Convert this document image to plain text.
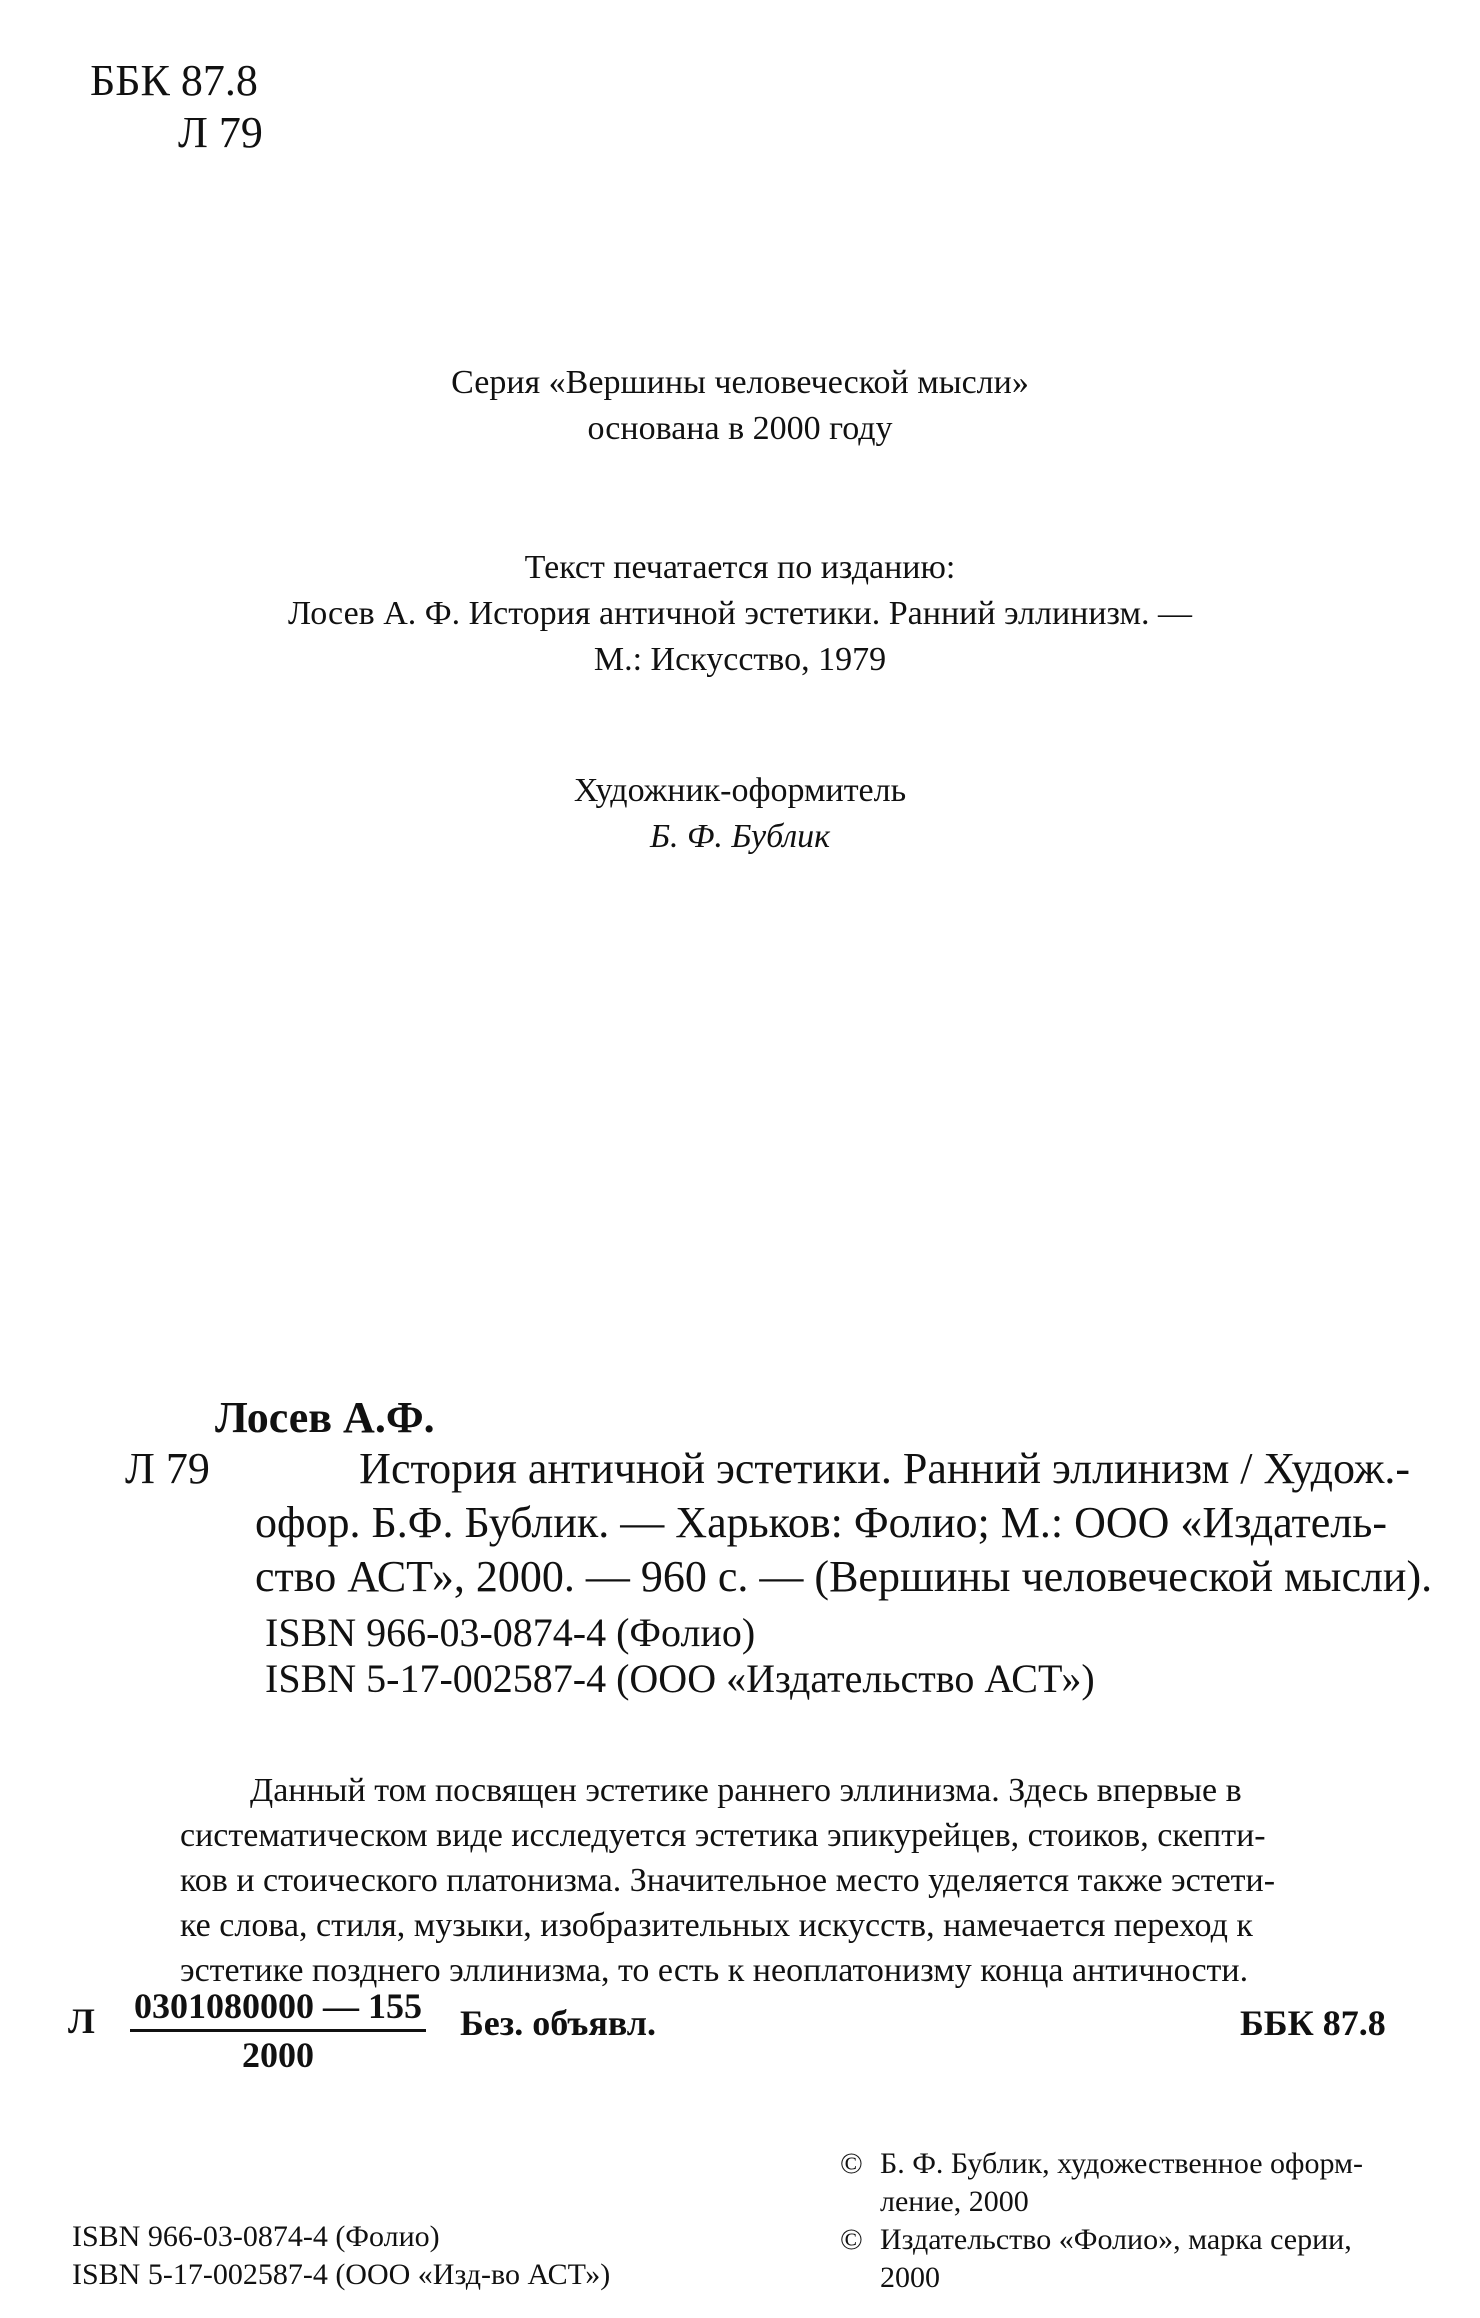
ББК 87.8
Л 79
Серия «Вершины человеческой мысли»
основана в 2000 году
Текст печатается по изданию:
Лосев А. Ф. История античной эстетики. Ранний эллинизм. —
М.: Искусство, 1979
Художник-оформитель
Б. Ф. Бублик
Лосев А.Ф.
Л 79	История античной эстетики. Ранний эллинизм / Худож.-
офор. Б.Ф. Бублик. — Харьков: Фолио; М.: ООО «Издатель-
ство АСТ», 2000. — 960 с. — (Вершины человеческой мысли).
ISBN 966-03-0874-4 (Фолио)
ISBN 5-17-002587-4 (ООО «Издательство АСТ»)
Данный том посвящен эстетике раннего эллинизма. Здесь впервые в
систематическом виде исследуется эстетика эпикурейцев, стоиков, скепти-
ков и стоического платонизма. Значительное место уделяется также эстети-
ке слова, стиля, музыки, изобразительных искусств, намечается переход к
эстетике позднего эллинизма, то есть к неоплатонизму конца античности.
Л $\frac{0301080000 — 155}{2000}$ Без. объявл.	ББК 87.8
ISBN 966-03-0874-4 (Фолио)
ISBN 5-17-002587-4 (ООО «Изд-во АСТ»)
© Б. Ф. Бублик, художественное оформ-
ление, 2000
© Издательство «Фолио», марка серии,
2000
